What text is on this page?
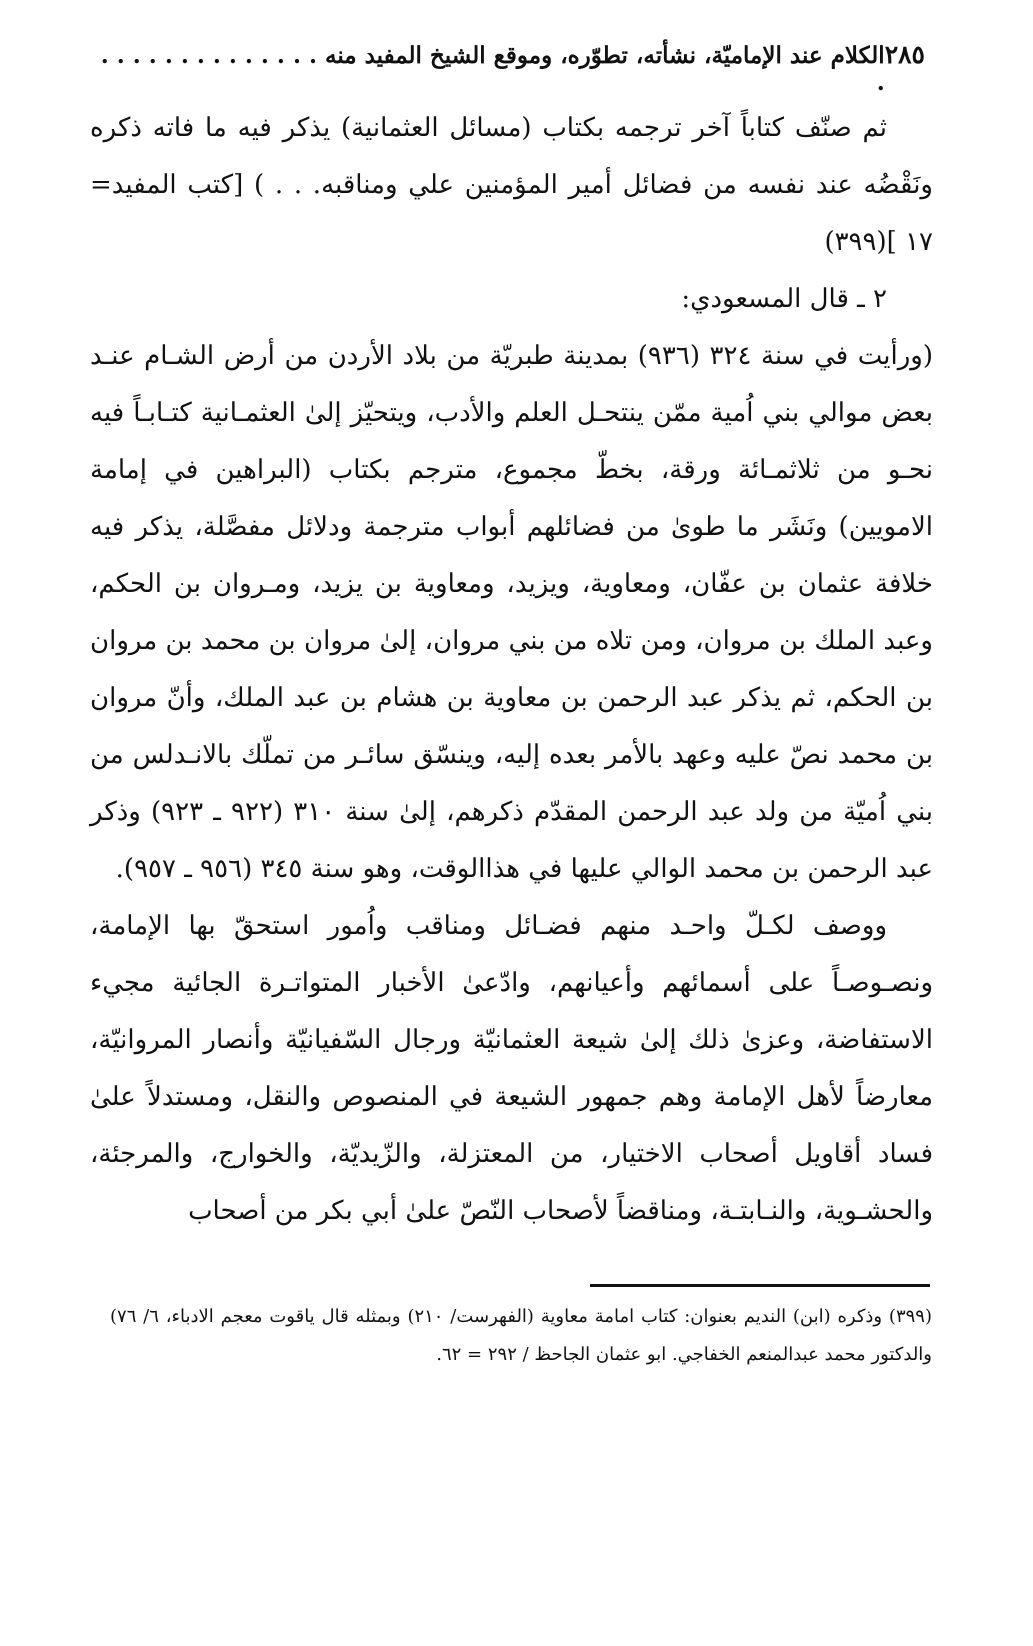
الكلام عند الإماميّة، نشأته، تطوّره، وموقع الشيخ المفيد منه . . . . . . . . . . . . . . .
٢٨٥

ثم صنّف كتاباً آخر ترجمه بكتاب (مسائل العثمانية) يذكر فيه ما فاته ذكره ونَقْضُه عند نفسه من فضائل أمير المؤمنين علي ومناقبه. . . ) [كتب المفيد= ١٧ ](٣٩٩)

٢ ـ قال المسعودي:

(ورأيت في سنة ٣٢٤ (٩٣٦) بمدينة طبريّة من بلاد الأردن من أرض الشـام عنـد بعض موالي بني اُمية ممّن ينتحـل العلم والأدب، ويتحيّز إلىٰ العثمـانية كتـابـاً فيه نحـو من ثلاثمـائة ورقة، بخطّ مجموع، مترجم بكتاب (البراهين في إمامة الامويين) ونَشَر ما طوىٰ من فضائلهم أبواب مترجمة ودلائل مفصَّلة، يذكر فيه خلافة عثمان بن عفّان، ومعاوية، ويزيد، ومعاوية بن يزيد، ومـروان بن الحكم، وعبد الملك بن مروان، ومن تلاه من بني مروان، إلىٰ مروان بن محمد بن مروان بن الحكم، ثم يذكر عبد الرحمن بن معاوية بن هشام بن عبد الملك، وأنّ مروان بن محمد نصّ عليه وعهد بالأمر بعده إليه، وينسّق سائـر من تملّك بالانـدلس من بني اُميّة من ولد عبد الرحمن المقدّم ذكرهم، إلىٰ سنة ٣١٠ (٩٢٢ ـ ٩٢٣) وذكر عبد الرحمن بن محمد الوالي عليها في هذاالوقت، وهو سنة ٣٤٥ (٩٥٦ ـ ٩٥٧).

ووصف لكـلّ واحـد منهم فضـائل ومناقب واُمور استحقّ بها الإمامة، ونصـوصـاً على أسمائهم وأعيانهم، وادّعىٰ الأخبار المتواتـرة الجائية مجيء الاستفاضة، وعزىٰ ذلك إلىٰ شيعة العثمانيّة ورجال السّفيانيّة وأنصار المروانيّة، معارضاً لأهل الإمامة وهم جمهور الشيعة في المنصوص والنقل، ومستدلاً علىٰ فساد أقاويل أصحاب الاختيار، من المعتزلة، والزّيديّة، والخوارج، والمرجئة، والحشـوية، والنـابتـة، ومناقضاً لأصحاب النّصّ علىٰ أبي بكر من أصحاب

(٣٩٩) وذكره (ابن) النديم بعنوان: كتاب امامة معاوية (الفهرست/ ٢١٠) وبمثله قال ياقوت معجم الادباء، ٦/ ٧٦) والدكتور محمد عبدالمنعم الخفاجي. ابو عثمان الجاحظ / ٢٩٢ = ٦٢.
